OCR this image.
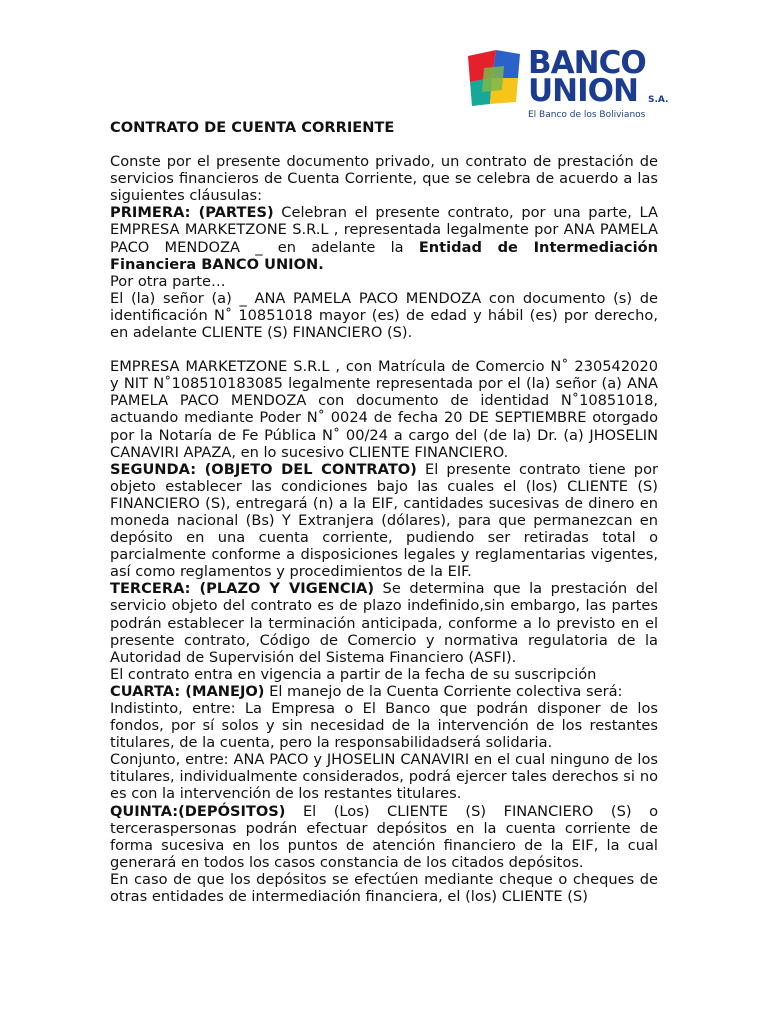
BANCO
UNION S.A.
El Banco de los Bolivianos

CONTRATO DE CUENTA CORRIENTE

Conste por el presente documento privado, un contrato de prestación de servicios financieros de Cuenta Corriente, que se celebra de acuerdo a las siguientes cláusulas:

PRIMERA: (PARTES) Celebran el presente contrato, por una parte, LA EMPRESA MARKETZONE S.R.L , representada legalmente por ANA PAMELA PACO MENDOZA _ en adelante la Entidad de Intermediación Financiera BANCO UNION.

Por otra parte…

El (la) señor (a) _ ANA PAMELA PACO MENDOZA con documento (s) de identificación N˚ 10851018 mayor (es) de edad y hábil (es) por derecho, en adelante CLIENTE (S) FINANCIERO (S).

EMPRESA MARKETZONE S.R.L , con Matrícula de Comercio N˚ 230542020 y NIT N˚108510183085 legalmente representada por el (la) señor (a) ANA PAMELA PACO MENDOZA con documento de identidad N˚10851018, actuando mediante Poder N˚ 0024 de fecha 20 DE SEPTIEMBRE otorgado por la Notaría de Fe Pública N˚ 00/24 a cargo del (de la) Dr. (a) JHOSELIN CANAVIRI APAZA, en lo sucesivo CLIENTE FINANCIERO.

SEGUNDA: (OBJETO DEL CONTRATO) El presente contrato tiene por objeto establecer las condiciones bajo las cuales el (los) CLIENTE (S) FINANCIERO (S), entregará (n) a la EIF, cantidades sucesivas de dinero en moneda nacional (Bs) Y Extranjera (dólares), para que permanezcan en depósito en una cuenta corriente, pudiendo ser retiradas total o parcialmente conforme a disposiciones legales y reglamentarias vigentes, así como reglamentos y procedimientos de la EIF.

TERCERA: (PLAZO Y VIGENCIA) Se determina que la prestación del servicio objeto del contrato es de plazo indefinido,sin embargo, las partes podrán establecer la terminación anticipada, conforme a lo previsto en el presente contrato, Código de Comercio y normativa regulatoria de la Autoridad de Supervisión del Sistema Financiero (ASFI).

El contrato entra en vigencia a partir de la fecha de su suscripción

CUARTA: (MANEJO) El manejo de la Cuenta Corriente colectiva será:

Indistinto, entre: La Empresa o El Banco que podrán disponer de los fondos, por sí solos y sin necesidad de la intervención de los restantes titulares, de la cuenta, pero la responsabilidadserá solidaria.

Conjunto, entre: ANA PACO y JHOSELIN CANAVIRI en el cual ninguno de los titulares, individualmente considerados, podrá ejercer tales derechos si no es con la intervención de los restantes titulares.

QUINTA:(DEPÓSITOS) El (Los) CLIENTE (S) FINANCIERO (S) o terceraspersonas podrán efectuar depósitos en la cuenta corriente de forma sucesiva en los puntos de atención financiero de la EIF, la cual generará en todos los casos constancia de los citados depósitos.

En caso de que los depósitos se efectúen mediante cheque o cheques de otras entidades de intermediación financiera, el (los) CLIENTE (S)
